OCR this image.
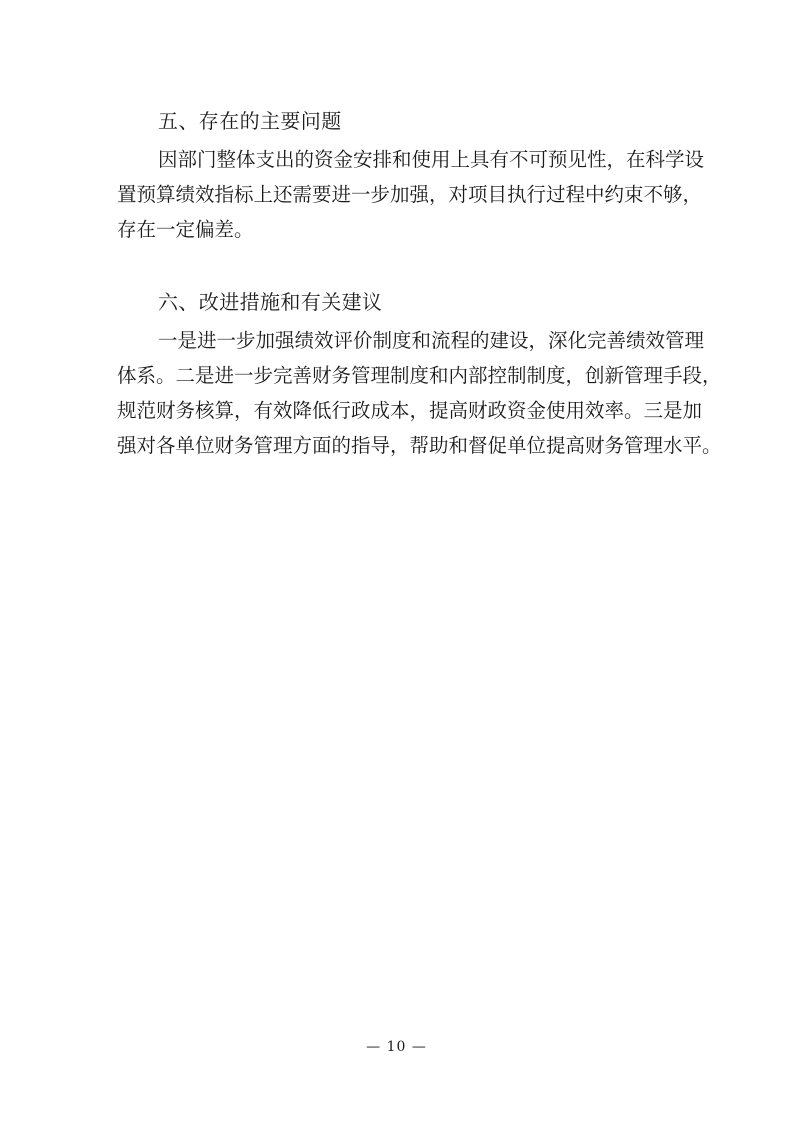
五、存在的主要问题

因部门整体支出的资金安排和使用上具有不可预见性，在科学设
置预算绩效指标上还需要进一步加强，对项目执行过程中约束不够，
存在一定偏差。

六、改进措施和有关建议

一是进一步加强绩效评价制度和流程的建设，深化完善绩效管理
体系。二是进一步完善财务管理制度和内部控制制度，创新管理手段，
规范财务核算，有效降低行政成本，提高财政资金使用效率。三是加
强对各单位财务管理方面的指导，帮助和督促单位提高财务管理水平。

— 10 —
